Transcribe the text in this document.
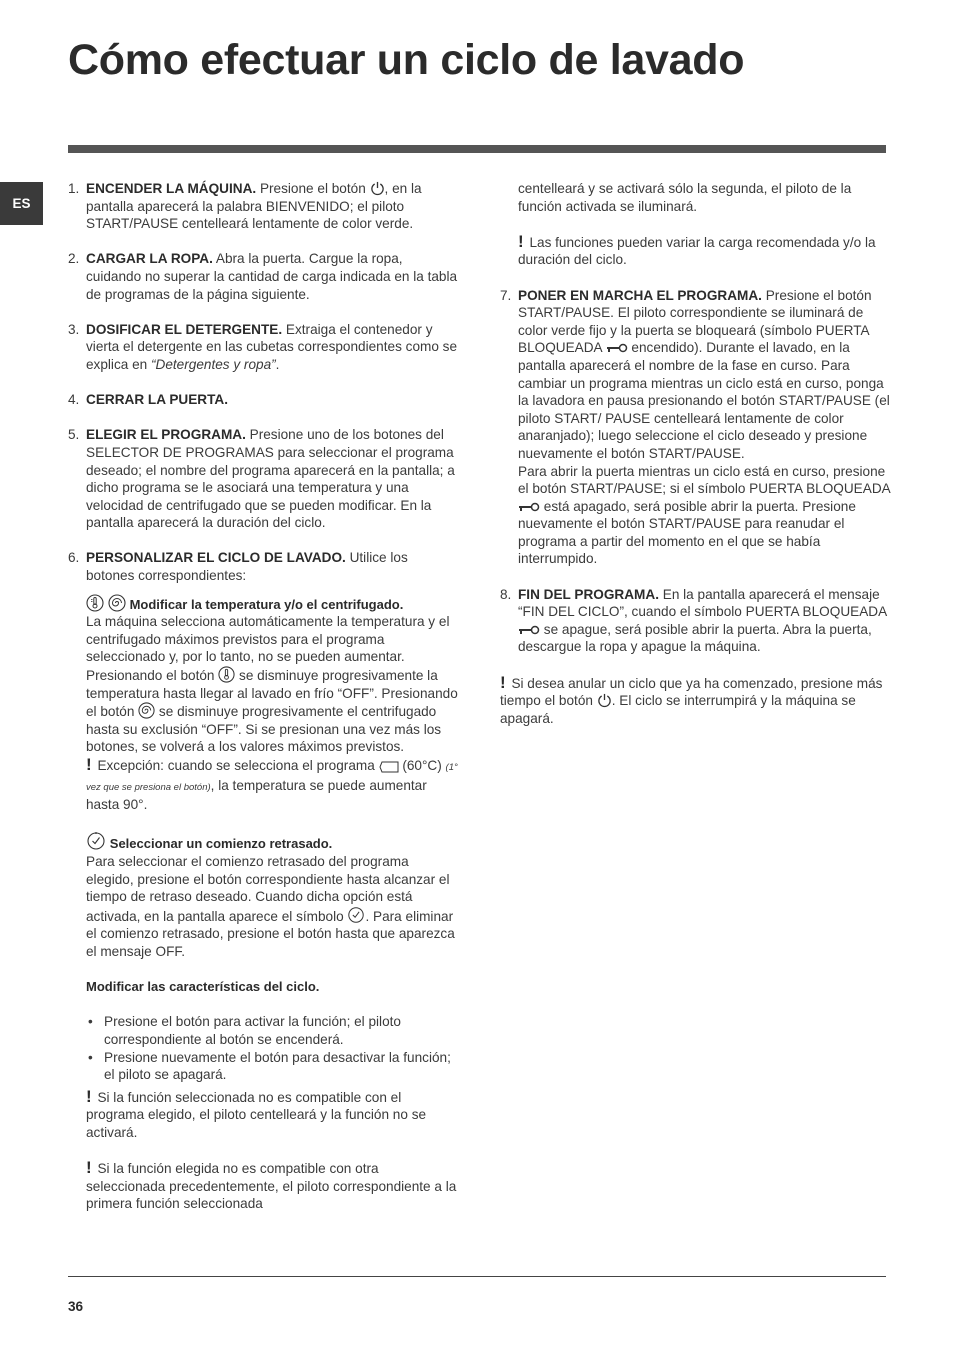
Cómo efectuar un ciclo de lavado
ES
1. ENCENDER LA MÁQUINA. Presione el botón , en la pantalla aparecerá la palabra BIENVENIDO; el piloto START/PAUSE centelleará lentamente de color verde.
2. CARGAR LA ROPA. Abra la puerta. Cargue la ropa, cuidando no superar la cantidad de carga indicada en la tabla de programas de la página siguiente.
3. DOSIFICAR EL DETERGENTE. Extraiga el contenedor y vierta el detergente en las cubetas correspondientes como se explica en “Detergentes y ropa”.
4. CERRAR LA PUERTA.
5. ELEGIR EL PROGRAMA. Presione uno de los botones del SELECTOR DE PROGRAMAS para seleccionar el programa deseado; el nombre del programa aparecerá en la pantalla; a dicho programa se le asociará una temperatura y una velocidad de centrifugado que se pueden modificar. En la pantalla aparecerá la duración del ciclo.
6. PERSONALIZAR EL CICLO DE LAVADO. Utilice los botones correspondientes:
Modificar la temperatura y/o el centrifugado.
La máquina selecciona automáticamente la temperatura y el centrifugado máximos previstos para el programa seleccionado y, por lo tanto, no se pueden aumentar. Presionando el botón  se disminuye progresivamente la temperatura hasta llegar al lavado en frío “OFF”. Presionando el botón  se disminuye progresivamente el centrifugado hasta su exclusión “OFF”. Si se presionan una vez más los botones, se volverá a los valores máximos previstos.
! Excepción: cuando se selecciona el programa  (60°C) (1° vez que se presiona el botón), la temperatura se puede aumentar hasta 90°.
Seleccionar un comienzo retrasado.
Para seleccionar el comienzo retrasado del programa elegido, presione el botón correspondiente hasta alcanzar el tiempo de retraso deseado. Cuando dicha opción está activada, en la pantalla aparece el símbolo . Para eliminar el comienzo retrasado, presione el botón hasta que aparezca el mensaje OFF.
Modificar las características del ciclo.
• Presione el botón para activar la función; el piloto correspondiente al botón se encenderá.
• Presione nuevamente el botón para desactivar la función; el piloto se apagará.
! Si la función seleccionada no es compatible con el programa elegido, el piloto centelleará y la función no se activará.
! Si la función elegida no es compatible con otra seleccionada precedentemente, el piloto correspondiente a la primera función seleccionada
centelleará y se activará sólo la segunda, el piloto de la función activada se iluminará.
! Las funciones pueden variar la carga recomendada y/o la duración del ciclo.
7. PONER EN MARCHA EL PROGRAMA. Presione el botón START/PAUSE. El piloto correspondiente se iluminará de color verde fijo y la puerta se bloqueará (símbolo PUERTA BLOQUEADA  encendido). Durante el lavado, en la pantalla aparecerá el nombre de la fase en curso. Para cambiar un programa mientras un ciclo está en curso, ponga la lavadora en pausa presionando el botón START/PAUSE (el piloto START/ PAUSE centelleará lentamente de color anaranjado); luego seleccione el ciclo deseado y presione nuevamente el botón START/PAUSE.
Para abrir la puerta mientras un ciclo está en curso, presione el botón START/PAUSE; si el símbolo PUERTA BLOQUEADA  está apagado, será posible abrir la puerta. Presione nuevamente el botón START/PAUSE para reanudar el programa a partir del momento en el que se había interrumpido.
8. FIN DEL PROGRAMA. En la pantalla aparecerá el mensaje “FIN DEL CICLO”, cuando el símbolo PUERTA BLOQUEADA  se apague, será posible abrir la puerta. Abra la puerta, descargue la ropa y apague la máquina.
! Si desea anular un ciclo que ya ha comenzado, presione más tiempo el botón . El ciclo se interrumpirá y la máquina se apagará.
36
